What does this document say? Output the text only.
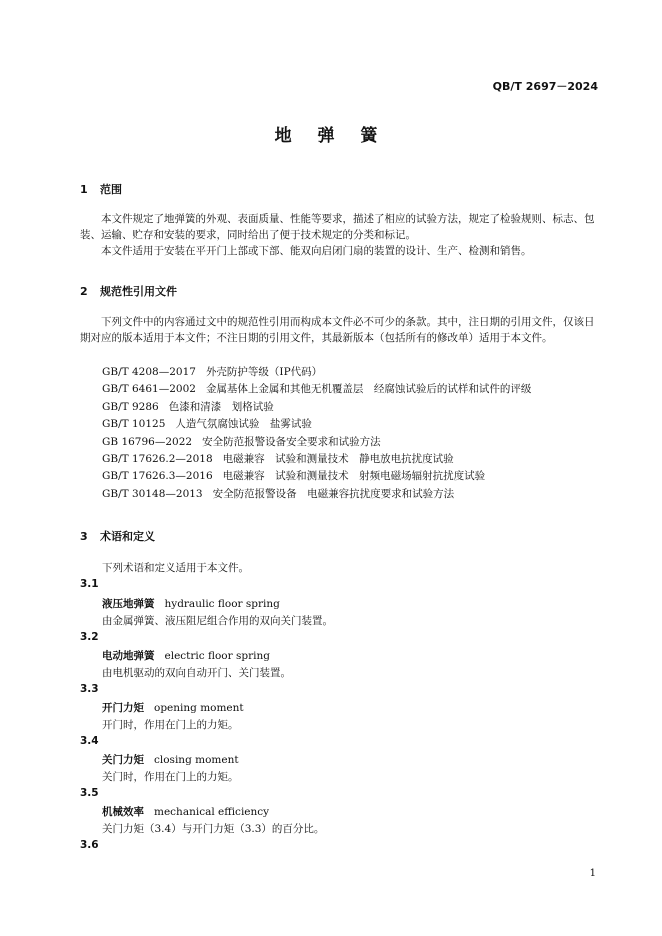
QB/T 2697－2024
地 弹 簧
1 范围

本文件规定了地弹簧的外观、表面质量、性能等要求，描述了相应的试验方法，规定了检验规则、标志、包装、运输、贮存和安装的要求，同时给出了便于技术规定的分类和标记。

本文件适用于安装在平开门上部或下部、能双向启闭门扇的装置的设计、生产、检测和销售。

2 规范性引用文件

下列文件中的内容通过文中的规范性引用而构成本文件必不可少的条款。其中，注日期的引用文件，仅该日期对应的版本适用于本文件；不注日期的引用文件，其最新版本（包括所有的修改单）适用于本文件。

GB/T 4208—2017 外壳防护等级（IP代码）
GB/T 6461—2002 金属基体上金属和其他无机覆盖层　经腐蚀试验后的试样和试件的评级
GB/T 9286 色漆和清漆　划格试验
GB/T 10125 人造气氛腐蚀试验　盐雾试验
GB 16796—2022 安全防范报警设备安全要求和试验方法
GB/T 17626.2—2018 电磁兼容　试验和测量技术　静电放电抗扰度试验
GB/T 17626.3—2016 电磁兼容　试验和测量技术　射频电磁场辐射抗扰度试验
GB/T 30148—2013 安全防范报警设备　电磁兼容抗扰度要求和试验方法
3 术语和定义
下列术语和定义适用于本文件。
3.1
液压地弹簧 hydraulic floor spring
由金属弹簧、液压阻尼组合作用的双向关门装置。
3.2
电动地弹簧 electric floor spring
由电机驱动的双向自动开门、关门装置。
3.3
开门力矩 opening moment
开门时，作用在门上的力矩。
3.4
关门力矩 closing moment
关门时，作用在门上的力矩。
3.5
机械效率 mechanical efficiency
关门力矩（3.4）与开门力矩（3.3）的百分比。
3.6
1
